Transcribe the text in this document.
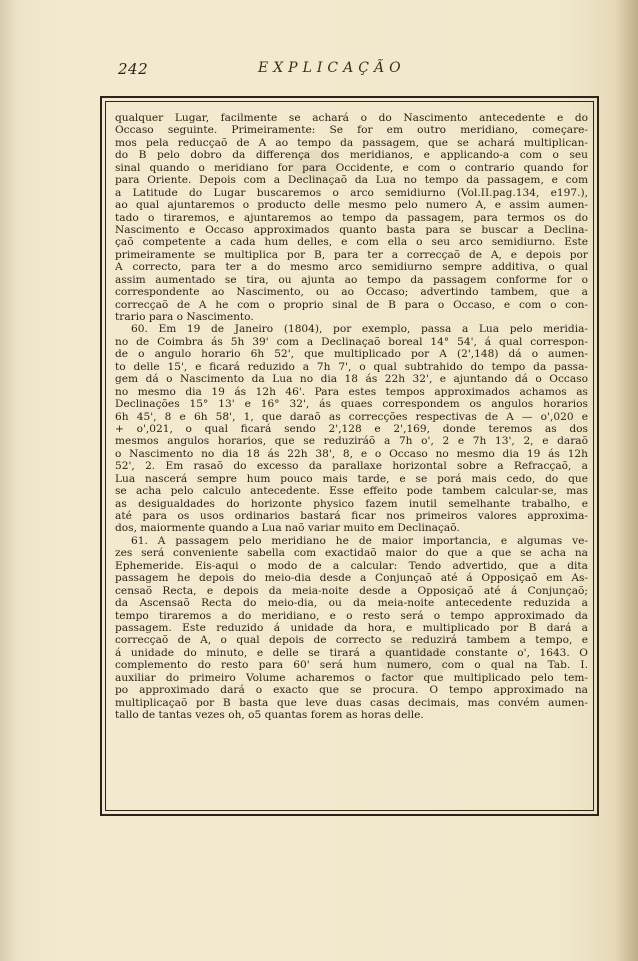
242	EXPLICAÇÃO
qualquer Lugar, facilmente se achará o do Nascimento antecedente e do
Occaso seguinte. Primeiramente: Se for em outro meridiano, começare-
mos pela reducçaõ de A ao tempo da passagem, que se achará multiplican-
do B pelo dobro da differença dos meridianos, e applicando-a com o seu
sinal quando o meridiano for para Occidente, e com o contrario quando for
para Oriente. Depois com a Declinaçaõ da Lua no tempo da passagem, e com
a Latitude do Lugar buscaremos o arco semidiurno (Vol.II.pag.134, e197.),
ao qual ajuntaremos o producto delle mesmo pelo numero A, e assim aumen-
tado o tiraremos, e ajuntaremos ao tempo da passagem, para termos os do
Nascimento e Occaso approximados quanto basta para se buscar a Declina-
çaõ competente a cada hum delles, e com ella o seu arco semidiurno. Este
primeiramente se multiplica por B, para ter a correcçaõ de A, e depois por
A correcto, para ter a do mesmo arco semidiurno sempre additiva, o qual
assim aumentado se tira, ou ajunta ao tempo da passagem conforme for o
correspondente ao Nascimento, ou ao Occaso; advertindo tambem, que a
correcçaõ de A he com o proprio sinal de B para o Occaso, e com o con-
trario para o Nascimento.
60. Em 19 de Janeiro (1804), por exemplo, passa a Lua pelo meridia-
no de Coimbra ás 5h 39' com a Declinaçaõ boreal 14° 54', á qual correspon-
de o angulo horario 6h 52', que multiplicado por A (2',148) dá o aumen-
to delle 15', e ficará reduzido a 7h 7', o qual subtrahido do tempo da passa-
gem dá o Nascimento da Lua no dia 18 ás 22h 32', e ajuntando dá o Occaso
no mesmo dia 19 ás 12h 46'. Para estes tempos approximados achamos as
Declinações 15° 13' e 16° 32', ás quaes correspondem os angulos horarios
6h 45', 8 e 6h 58', 1, que daraõ as correcções respectivas de A — o',020 e
+ o',021, o qual ficará sendo 2',128 e 2',169, donde teremos as dos
mesmos angulos horarios, que se reduziráõ a 7h o', 2 e 7h 13', 2, e daraõ
o Nascimento no dia 18 ás 22h 38', 8, e o Occaso no mesmo dia 19 ás 12h
52', 2. Em rasaõ do excesso da parallaxe horizontal sobre a Refracçaõ, a
Lua nascerá sempre hum pouco mais tarde, e se porá mais cedo, do que
se acha pelo calculo antecedente. Esse effeito pode tambem calcular-se, mas
as desigualdades do horizonte physico fazem inutil semelhante trabalho, e
até para os usos ordinarios bastará ficar nos primeiros valores approxima-
dos, maiormente quando a Lua naõ variar muito em Declinaçaõ.
61. A passagem pelo meridiano he de maior importancia, e algumas ve-
zes será conveniente sabella com exactidaõ maior do que a que se acha na
Ephemeride. Eis-aqui o modo de a calcular: Tendo advertido, que a dita
passagem he depois do meio-dia desde a Conjunçaõ até á Opposiçaõ em As-
censaõ Recta, e depois da meia-noite desde a Opposiçaõ até á Conjunçaõ;
da Ascensaõ Recta do meio-dia, ou da meia-noite antecedente reduzida a
tempo tiraremos a do meridiano, e o resto será o tempo approximado da
passagem. Este reduzido á unidade da hora, e multiplicado por B dará a
correcçaõ de A, o qual depois de correcto se reduzirá tambem a tempo, e
á unidade do minuto, e delle se tirará a quantidade constante o', 1643. O
complemento do resto para 60' será hum numero, com o qual na Tab. I.
auxiliar do primeiro Volume acharemos o factor que multiplicado pelo tem-
po approximado dará o exacto que se procura. O tempo approximado na
multiplicaçaõ por B basta que leve duas casas decimais, mas convém aumen-
tallo de tantas vezes oh, o5 quantas forem as horas delle.
